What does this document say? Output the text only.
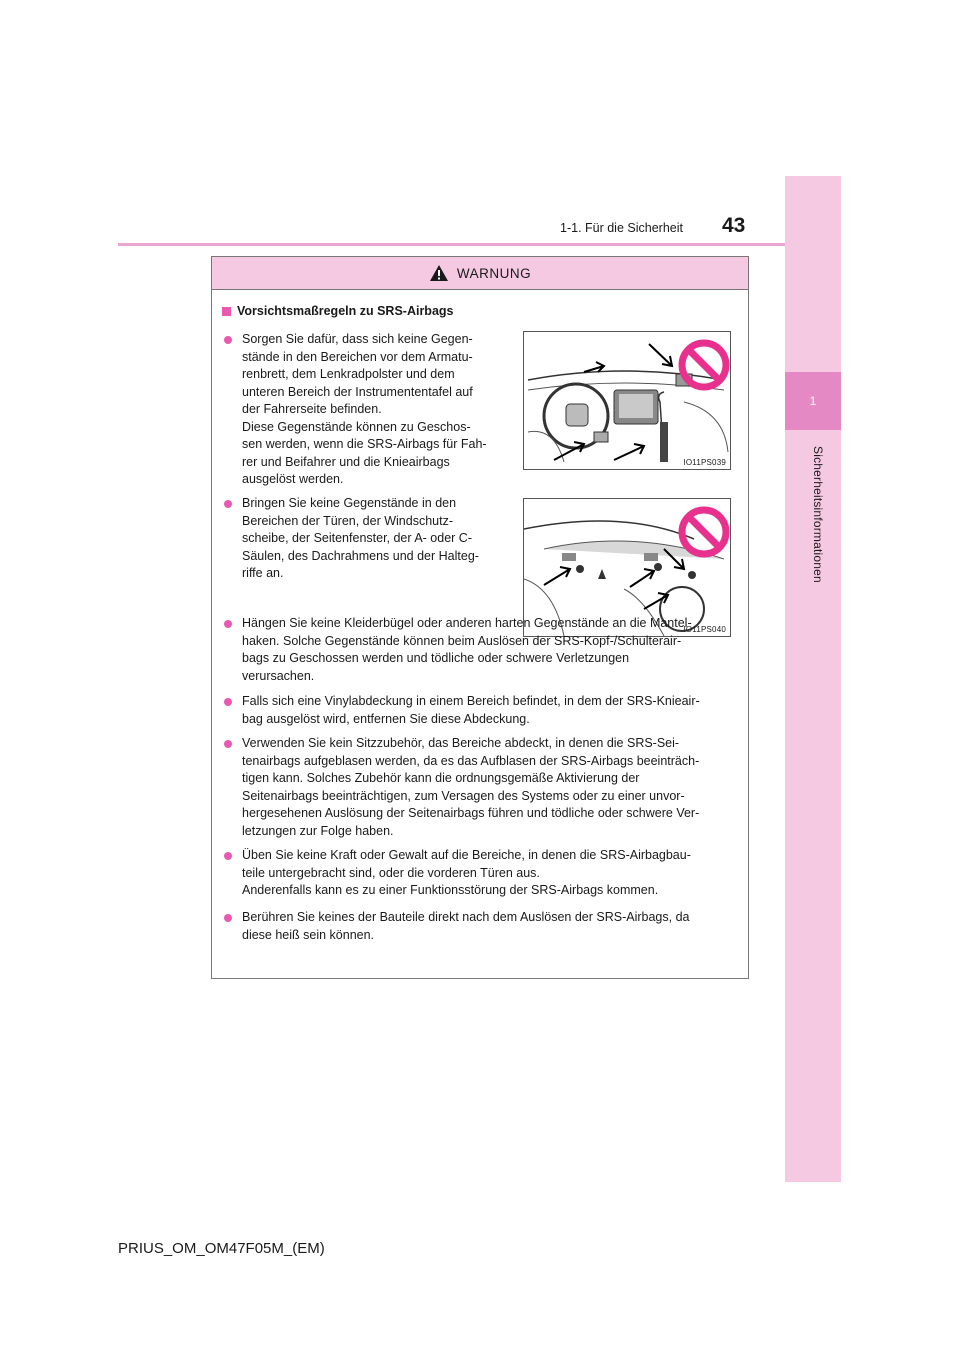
1-1. Für die Sicherheit 43
1
Sicherheitsinformationen
WARNUNG
Vorsichtsmaßregeln zu SRS-Airbags
Sorgen Sie dafür, dass sich keine Gegen-
stände in den Bereichen vor dem Armatu-
renbrett, dem Lenkradpolster und dem
unteren Bereich der Instrumententafel auf
der Fahrerseite befinden.
Diese Gegenstände können zu Geschos-
sen werden, wenn die SRS-Airbags für Fah-
rer und Beifahrer und die Knieairbags
ausgelöst werden.
IO11PS039
Bringen Sie keine Gegenstände in den
Bereichen der Türen, der Windschutz-
scheibe, der Seitenfenster, der A- oder C-
Säulen, des Dachrahmens und der Halteg-
riffe an.
IO11PS040
Hängen Sie keine Kleiderbügel oder anderen harten Gegenstände an die Mantel-
haken. Solche Gegenstände können beim Auslösen der SRS-Kopf-/Schulterair-
bags zu Geschossen werden und tödliche oder schwere Verletzungen
verursachen.
Falls sich eine Vinylabdeckung in einem Bereich befindet, in dem der SRS-Knieair-
bag ausgelöst wird, entfernen Sie diese Abdeckung.
Verwenden Sie kein Sitzzubehör, das Bereiche abdeckt, in denen die SRS-Sei-
tenairbags aufgeblasen werden, da es das Aufblasen der SRS-Airbags beeinträch-
tigen kann. Solches Zubehör kann die ordnungsgemäße Aktivierung der
Seitenairbags beeinträchtigen, zum Versagen des Systems oder zu einer unvor-
hergesehenen Auslösung der Seitenairbags führen und tödliche oder schwere Ver-
letzungen zur Folge haben.
Üben Sie keine Kraft oder Gewalt auf die Bereiche, in denen die SRS-Airbagbau-
teile untergebracht sind, oder die vorderen Türen aus.
Anderenfalls kann es zu einer Funktionsstörung der SRS-Airbags kommen.
Berühren Sie keines der Bauteile direkt nach dem Auslösen der SRS-Airbags, da
diese heiß sein können.
PRIUS_OM_OM47F05M_(EM)
